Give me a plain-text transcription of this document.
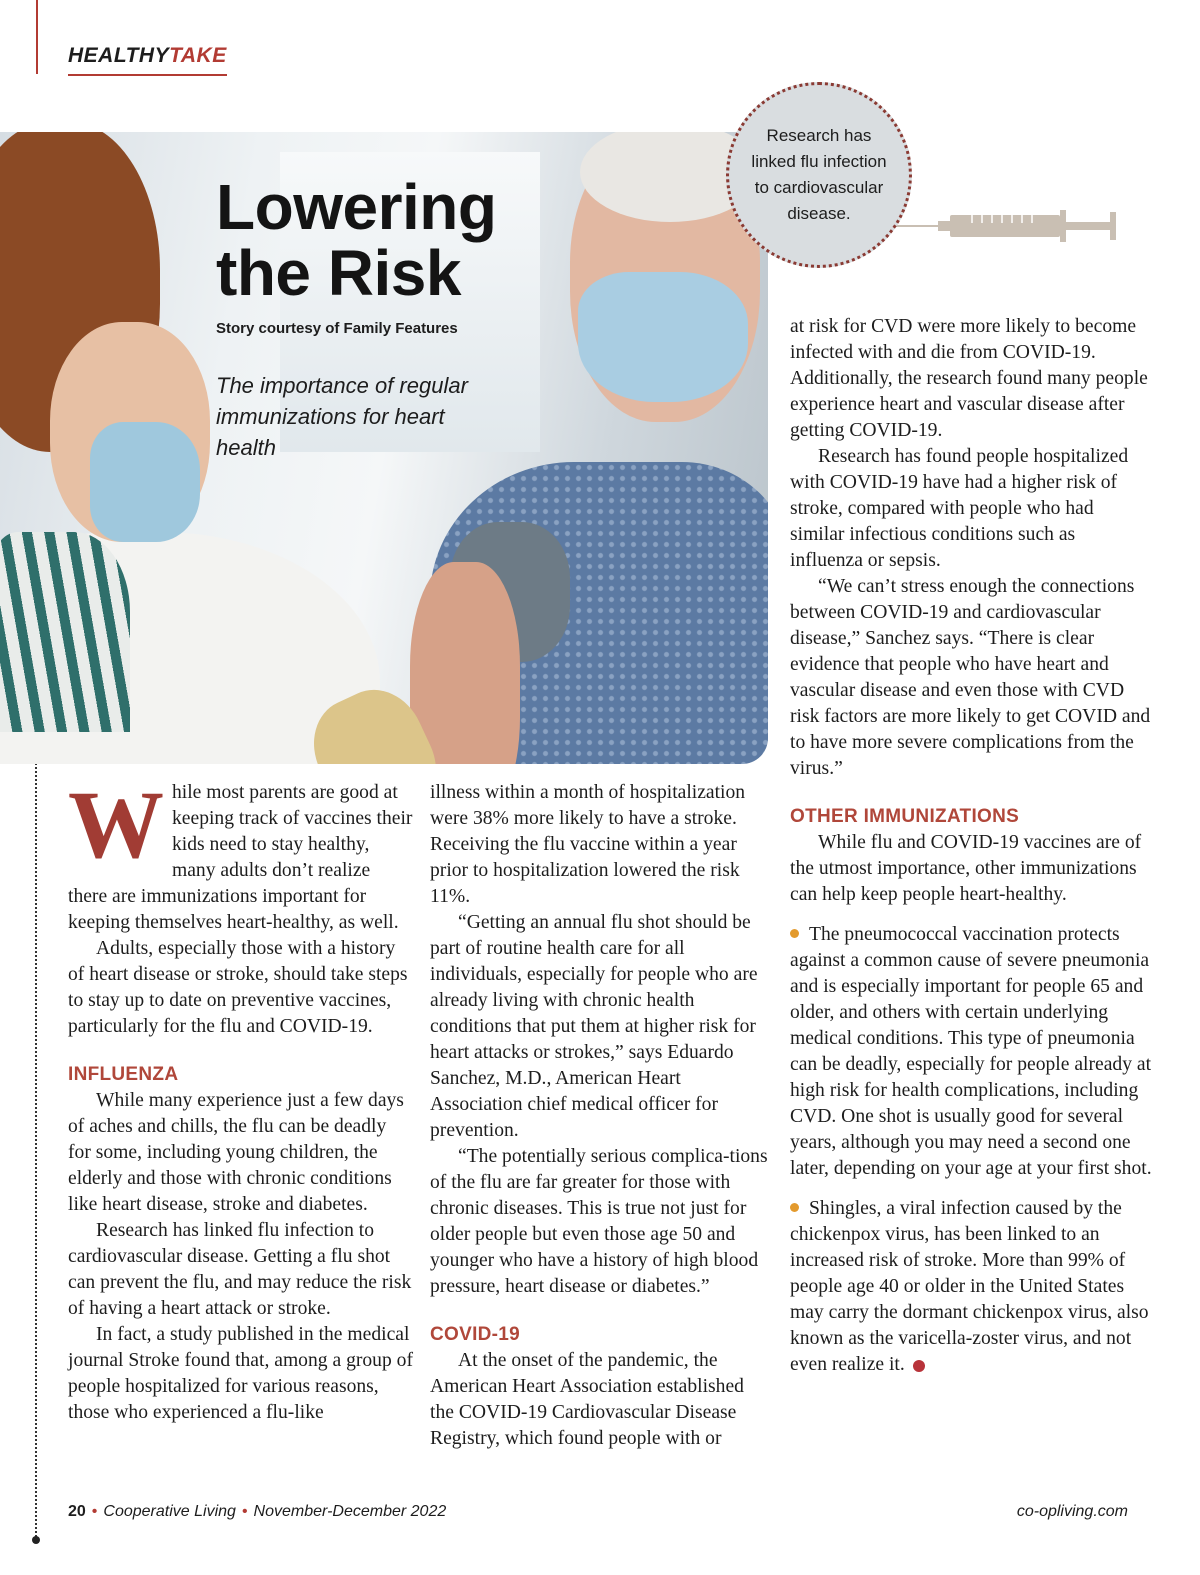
HEALTHYTAKE
Lowering
the Risk
Story courtesy of Family Features
The importance of regular immunizations for heart health
Research has linked flu infection to cardiovascular disease.

While most parents are good at keeping track of vaccines their kids need to stay healthy, many adults don’t realize there are immunizations important for keeping themselves heart-healthy, as well.

Adults, especially those with a history of heart disease or stroke, should take steps to stay up to date on preventive vaccines, particularly for the flu and COVID-19.

INFLUENZA

While many experience just a few days of aches and chills, the flu can be deadly for some, including young children, the elderly and those with chronic conditions like heart disease, stroke and diabetes.

Research has linked flu infection to cardiovascular disease. Getting a flu shot can prevent the flu, and may reduce the risk of having a heart attack or stroke.

In fact, a study published in the medical journal Stroke found that, among a group of people hospitalized for various reasons, those who experienced a flu-like

illness within a month of hospitalization were 38% more likely to have a stroke. Receiving the flu vaccine within a year prior to hospitalization lowered the risk 11%.

“Getting an annual flu shot should be part of routine health care for all individuals, especially for people who are already living with chronic health conditions that put them at higher risk for heart attacks or strokes,” says Eduardo Sanchez, M.D., American Heart Association chief medical officer for prevention.

“The potentially serious complica-tions of the flu are far greater for those with chronic diseases. This is true not just for older people but even those age 50 and younger who have a history of high blood pressure, heart disease or diabetes.”

COVID-19

At the onset of the pandemic, the American Heart Association established the COVID-19 Cardiovascular Disease Registry, which found people with or

at risk for CVD were more likely to become infected with and die from COVID-19. Additionally, the research found many people experience heart and vascular disease after getting COVID-19.

Research has found people hospitalized with COVID-19 have had a higher risk of stroke, compared with people who had similar infectious conditions such as influenza or sepsis.

“We can’t stress enough the connections between COVID-19 and cardiovascular disease,” Sanchez says. “There is clear evidence that people who have heart and vascular disease and even those with CVD risk factors are more likely to get COVID and to have more severe complications from the virus.”

OTHER IMMUNIZATIONS

While flu and COVID-19 vaccines are of the utmost importance, other immunizations can help keep people heart-healthy.

The pneumococcal vaccination protects against a common cause of severe pneumonia and is especially important for people 65 and older, and others with certain underlying medical conditions. This type of pneumonia can be deadly, especially for people already at high risk for health complications, including CVD. One shot is usually good for several years, although you may need a second one later, depending on your age at your first shot.

Shingles, a viral infection caused by the chickenpox virus, has been linked to an increased risk of stroke. More than 99% of people age 40 or older in the United States may carry the dormant chickenpox virus, also known as the varicella-zoster virus, and not even realize it.

20 • Cooperative Living • November-December 2022	co-opliving.com
